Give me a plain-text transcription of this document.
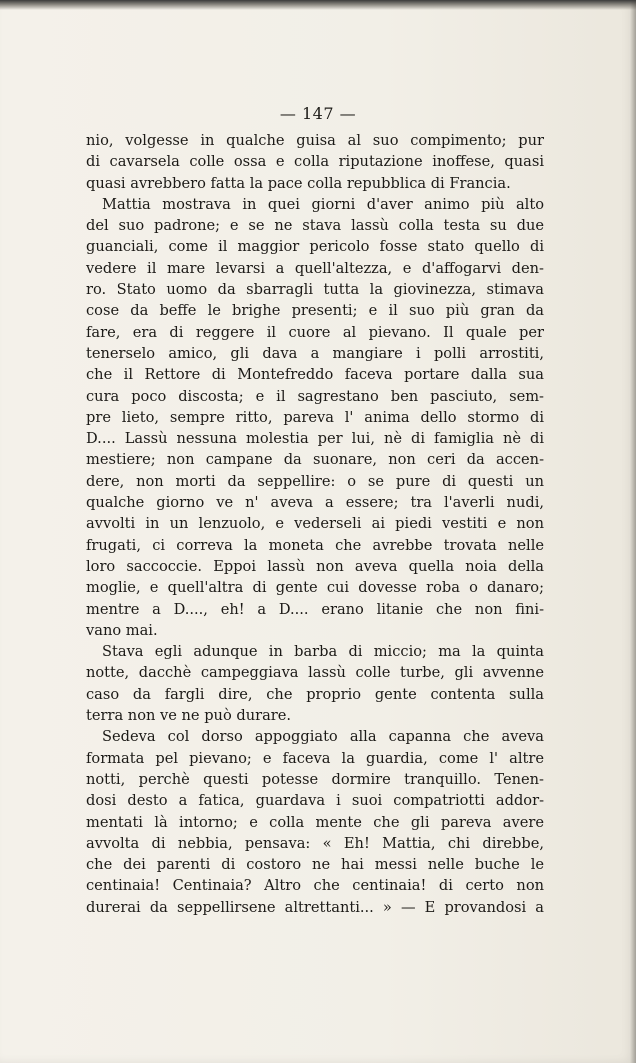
— 147 —
nio, volgesse in qualche guisa al suo compimento; pur
di cavarsela colle ossa e colla riputazione inoffese, quasi
quasi avrebbero fatta la pace colla repubblica di Francia.
Mattia mostrava in quei giorni d'aver animo più alto
del suo padrone; e se ne stava lassù colla testa su due
guanciali, come il maggior pericolo fosse stato quello di
vedere il mare levarsi a quell'altezza, e d'affogarvi den-
ro. Stato uomo da sbarragli tutta la giovinezza, stimava
cose da beffe le brighe presenti; e il suo più gran da
fare, era di reggere il cuore al pievano. Il quale per
tenerselo amico, gli dava a mangiare i polli arrostiti,
che il Rettore di Montefreddo faceva portare dalla sua
cura poco discosta; e il sagrestano ben pasciuto, sem-
pre lieto, sempre ritto, pareva l' anima dello stormo di
D.... Lassù nessuna molestia per lui, nè di famiglia nè di
mestiere; non campane da suonare, non ceri da accen-
dere, non morti da seppellire: o se pure di questi un
qualche giorno ve n' aveva a essere; tra l'averli nudi,
avvolti in un lenzuolo, e vederseli ai piedi vestiti e non
frugati, ci correva la moneta che avrebbe trovata nelle
loro saccoccie. Eppoi lassù non aveva quella noia della
moglie, e quell'altra di gente cui dovesse roba o danaro;
mentre a D...., eh! a D.... erano litanie che non fini-
vano mai.
Stava egli adunque in barba di miccio; ma la quinta
notte, dacchè campeggiava lassù colle turbe, gli avvenne
caso da fargli dire, che proprio gente contenta sulla
terra non ve ne può durare.
Sedeva col dorso appoggiato alla capanna che aveva
formata pel pievano; e faceva la guardia, come l' altre
notti, perchè questi potesse dormire tranquillo. Tenen-
dosi desto a fatica, guardava i suoi compatriotti addor-
mentati là intorno; e colla mente che gli pareva avere
avvolta di nebbia, pensava: « Eh! Mattia, chi direbbe,
che dei parenti di costoro ne hai messi nelle buche le
centinaia! Centinaia? Altro che centinaia! di certo non
durerai da seppellirsene altrettanti... » — E provandosi a
